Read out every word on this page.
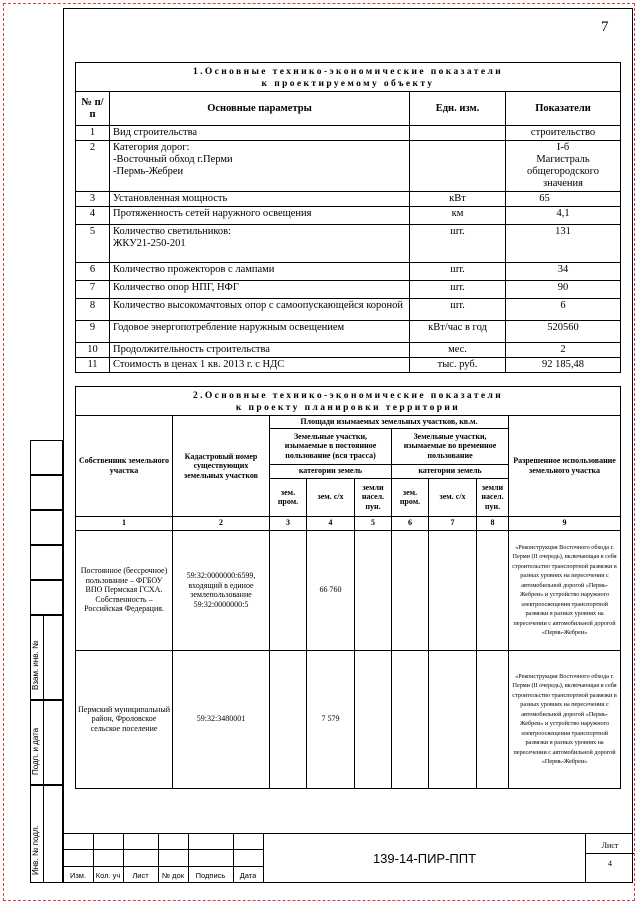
7
1.Основные технико-экономические показатели
к проектируемому объекту			

№ п/п	Основные параметры	Едн. изм.	Показатели
1	Вид строительства		строительство
2	Категория дорог:
-Восточный обход г.Перми
-Пермь-Жебреи		I-б
Магистраль общегородского значения
3	Установленная мощность	кВт	65
4	Протяженность сетей наружного освещения	км	4,1
5	Количество светильников:
ЖКУ21-250-201	шт.	131
6	Количество прожекторов с лампами	шт.	34
7	Количество опор НПГ, НФГ	шт.	90
8	Количество высокомачтовых опор с самоопускающейся короной	шт.	6
9	Годовое энергопотребление наружным освещением	кВт/час в год	520560
10	Продолжительность строительства	мес.	2
11	Стоимость в ценах 1 кв. 2013 г. с НДС	тыс. руб.	92 185,48
2.Основные технико-экономические показатели
к проекту планировки территории								

Собственник земельного участка	Кадастровый номер существующих земельных участков	Площади изымаемых земельных участков, кв.м.						Разрешенное использование земельного участка
		Земельные участки, изымаемые в постоянное пользование (вся трасса)			Земельные участки, изымаемые во временное пользование			
		категории земель			категории земель			
		зем. пром.	зем. с/х	земли насел. пун.	зем. пром.	зем. с/х	земли насел. пун.	
1	2	3	4	5	6	7	8	9
Постоянное (бессрочное) пользование – ФГБОУ ВПО Пермская ГСХА. Собственность – Российская Федерация.	59:32:0000000:6599, входящий в единое землепользование 59:32:0000000:5		66 760					«Реконструкция Восточного обхода г. Перми (II очередь), включающая в себя строительство транспортной развязки в разных уровнях на пересечении с автомобильной дорогой «Пермь-Жебреи» и устройство наружного электроосвещения транспортной развязки в разных уровнях на пересечении с автомобильной дорогой «Пермь-Жебреи»
Пермский муниципальный район, Фроловское сельское поселение	59:32:3480001		7 579					«Реконструкция Восточного обхода г. Перми (II очередь), включающая в себя строительство транспортной развязки в разных уровнях на пересечении с автомобильной дорогой «Пермь-Жебреи» и устройство наружного электроосвещения транспортной развязки в разных уровнях на пересечении с автомобильной дорогой «Пермь-Жебреи»
Взам. инв. №
Подп. и дата
Инв. № подл.
Изм.	Кол. уч	Лист	№ док	Подпись	Дата
139-14-ПИР-ППТ
Лист
4
